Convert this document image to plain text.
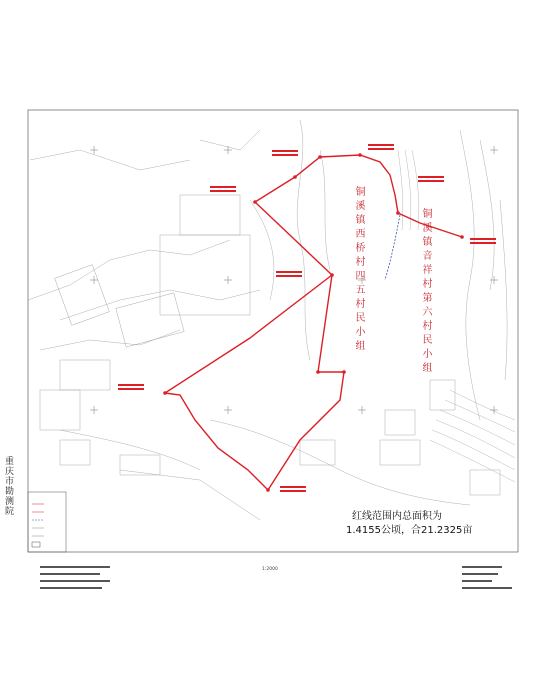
重庆市勘测院
铜溪镇西桥村四五村民小组	铜溪镇音祥村第六村民小组
红线范围内总面积为
1.4155公顷，合21.2325亩
1:2000
